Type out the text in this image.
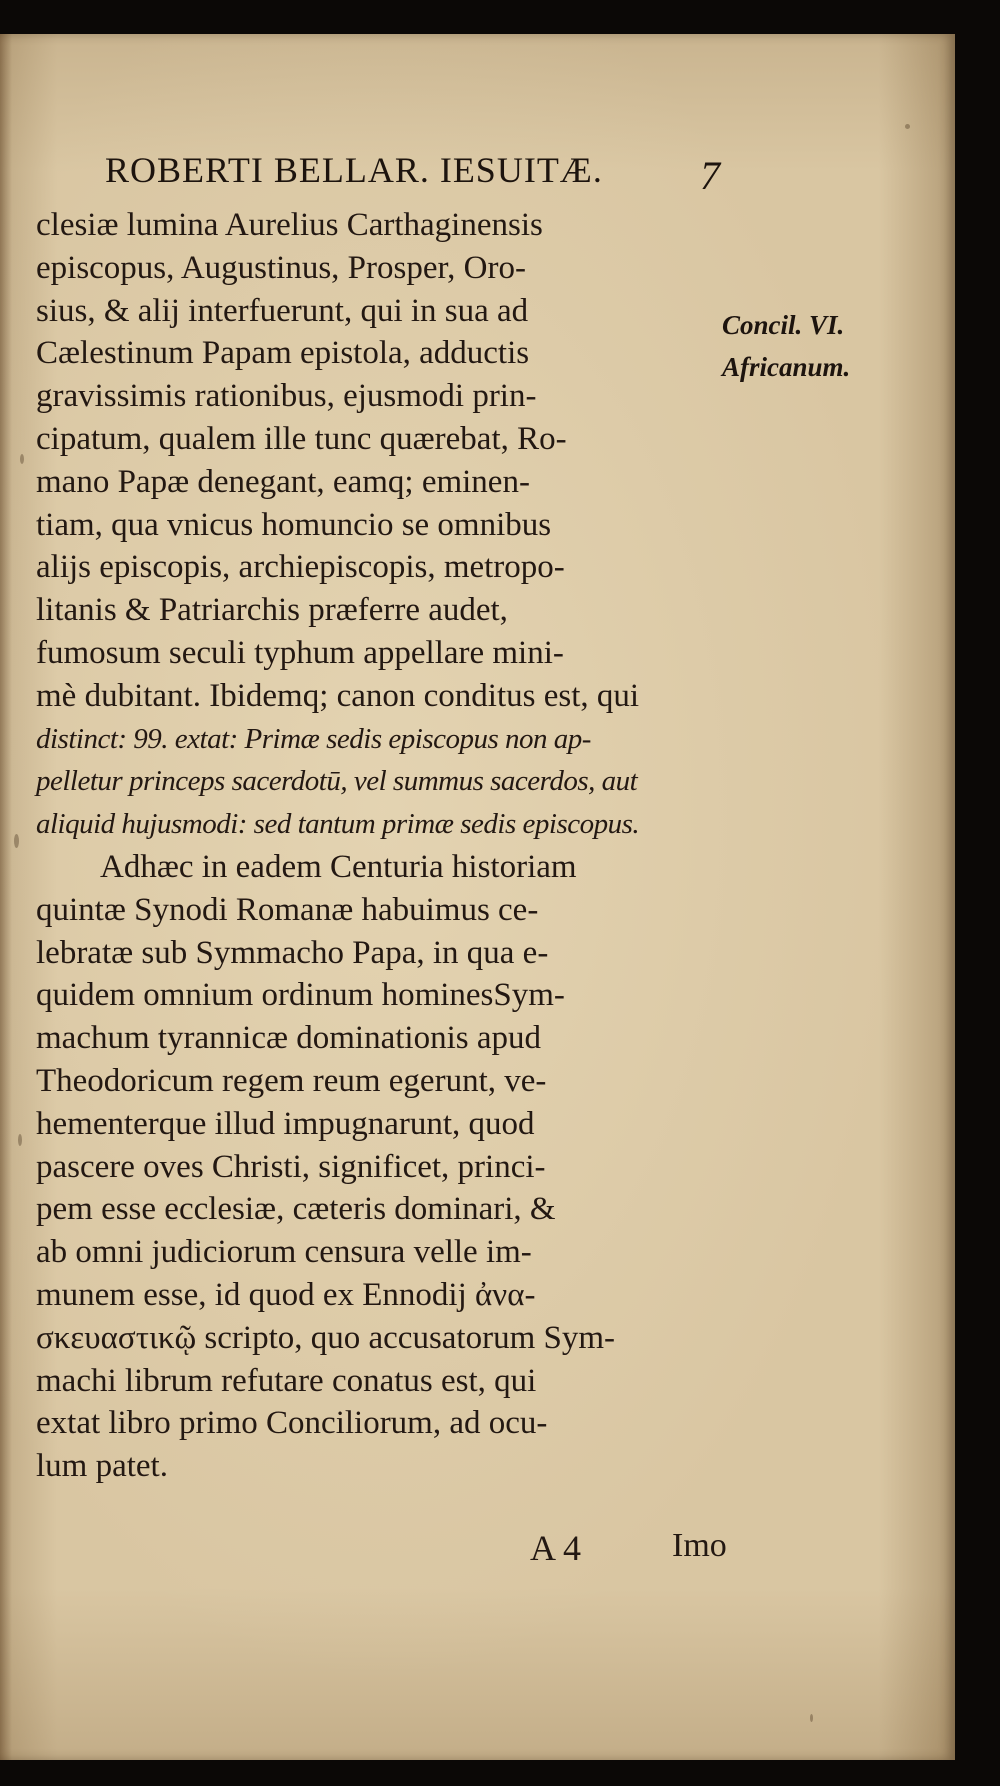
ROBERTI BELLAR. IESUITÆ.	7
Concil. VI.
Africanum.
clesiæ lumina Aurelius Carthaginensis
episcopus, Augustinus, Prosper, Oro-
sius, & alij interfuerunt, qui in sua ad
Cælestinum Papam epistola, adductis
gravissimis rationibus, ejusmodi prin-
cipatum, qualem ille tunc quærebat, Ro-
mano Papæ denegant, eamq; eminen-
tiam, qua vnicus homuncio se omnibus
alijs episcopis, archiepiscopis, metropo-
litanis & Patriarchis præferre audet,
fumosum seculi typhum appellare mini-
mè dubitant. Ibidemq; canon conditus est, qui
distinct: 99. extat: Primæ sedis episcopus non ap-
pelletur princeps sacerdotū, vel summus sacerdos, aut
aliquid hujusmodi: sed tantum primæ sedis episcopus.
Adhæc in eadem Centuria historiam
quintæ Synodi Romanæ habuimus ce-
lebratæ sub Symmacho Papa, in qua e-
quidem omnium ordinum hominesSym-
machum tyrannicæ dominationis apud
Theodoricum regem reum egerunt, ve-
hementerque illud impugnarunt, quod
pascere oves Christi, significet, princi-
pem esse ecclesiæ, cæteris dominari, &
ab omni judiciorum censura velle im-
munem esse, id quod ex Ennodij ἀνα-
σκευαστικῷ scripto, quo accusatorum Sym-
machi librum refutare conatus est, qui
extat libro primo Conciliorum, ad ocu-
lum patet.
A 4	Imo
